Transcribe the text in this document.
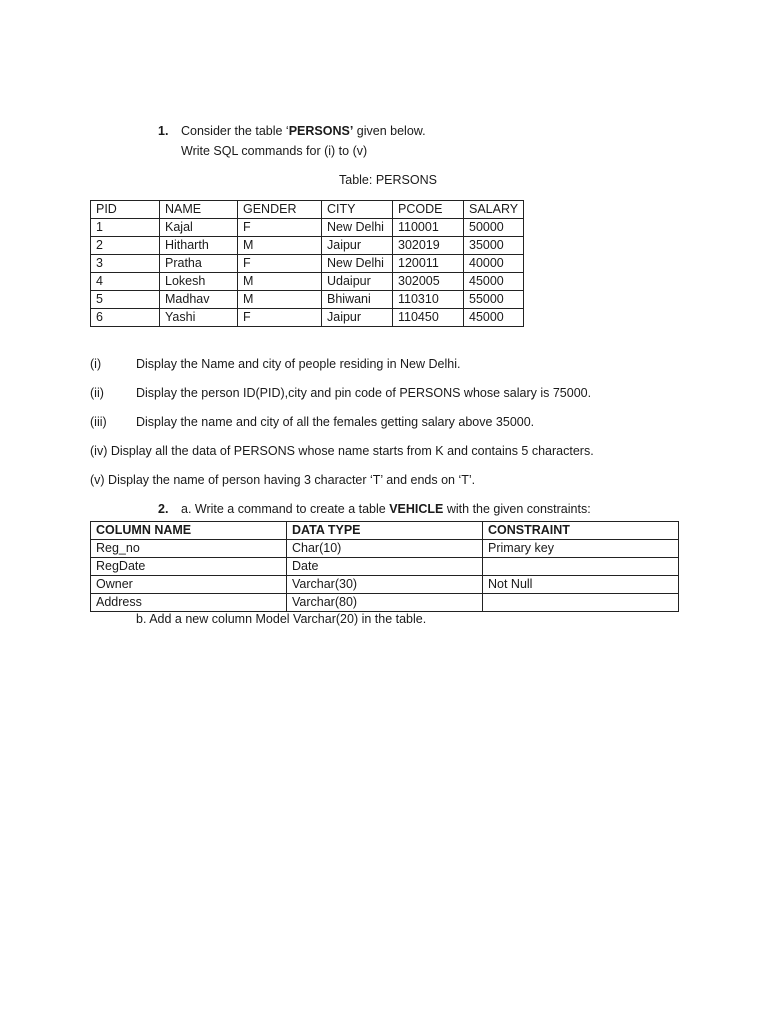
1. Consider the table ‘PERSONS’ given below.
Write SQL commands for (i) to (v)
Table: PERSONS
PID	NAME	GENDER	CITY	PCODE	SALARY
1	Kajal	F	New Delhi	110001	50000
2	Hitharth	M	Jaipur	302019	35000
3	Pratha	F	New Delhi	120011	40000
4	Lokesh	M	Udaipur	302005	45000
5	Madhav	M	Bhiwani	110310	55000
6	Yashi	F	Jaipur	110450	45000
(i)	Display the Name and city of people residing in New Delhi.
(ii)	Display the person ID(PID),city and pin code of PERSONS whose salary is 75000.
(iii) Display the name and city of all the females getting salary above 35000.
(iv) Display all the data of PERSONS whose name starts from K and contains 5 characters.
(v) Display the name of person having 3 character ‘T’ and ends on ‘T’.
2. a. Write a command to create a table VEHICLE with the given constraints:
COLUMN NAME	DATA TYPE	CONSTRAINT
Reg_no	Char(10)	Primary key
RegDate	Date	
Owner	Varchar(30)	Not Null
Address	Varchar(80)	
b. Add a new column Model Varchar(20) in the table.
